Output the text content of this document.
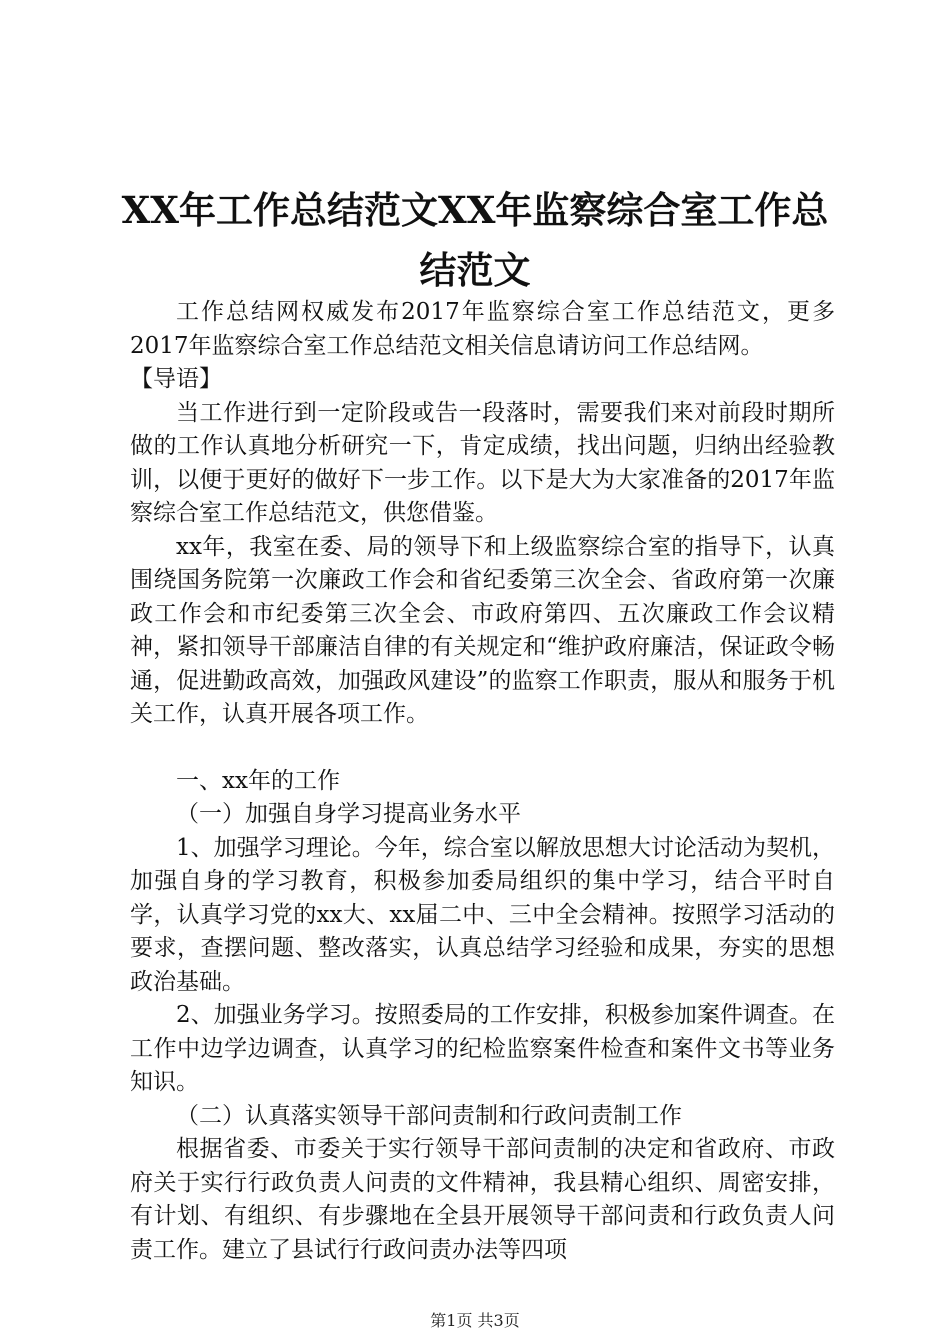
XX年工作总结范文XX年监察综合室工作总结范文

工作总结网权威发布2017年监察综合室工作总结范文，更多2017年监察综合室工作总结范文相关信息请访问工作总结网。

【导语】

当工作进行到一定阶段或告一段落时，需要我们来对前段时期所做的工作认真地分析研究一下，肯定成绩，找出问题，归纳出经验教训，以便于更好的做好下一步工作。以下是大为大家准备的2017年监察综合室工作总结范文，供您借鉴。

xx年，我室在委、局的领导下和上级监察综合室的指导下，认真围绕国务院第一次廉政工作会和省纪委第三次全会、省政府第一次廉政工作会和市纪委第三次全会、市政府第四、五次廉政工作会议精神，紧扣领导干部廉洁自律的有关规定和“维护政府廉洁，保证政令畅通，促进勤政高效，加强政风建设”的监察工作职责，服从和服务于机关工作，认真开展各项工作。

一、xx年的工作

（一）加强自身学习提高业务水平

1、加强学习理论。今年，综合室以解放思想大讨论活动为契机，加强自身的学习教育，积极参加委局组织的集中学习，结合平时自学，认真学习党的xx大、xx届二中、三中全会精神。按照学习活动的要求，查摆问题、整改落实，认真总结学习经验和成果，夯实的思想政治基础。

2、加强业务学习。按照委局的工作安排，积极参加案件调查。在工作中边学边调查，认真学习的纪检监察案件检查和案件文书等业务知识。

（二）认真落实领导干部问责制和行政问责制工作

根据省委、市委关于实行领导干部问责制的决定和省政府、市政府关于实行行政负责人问责的文件精神，我县精心组织、周密安排，有计划、有组织、有步骤地在全县开展领导干部问责和行政负责人问责工作。建立了县试行行政问责办法等四项

第1页 共3页
